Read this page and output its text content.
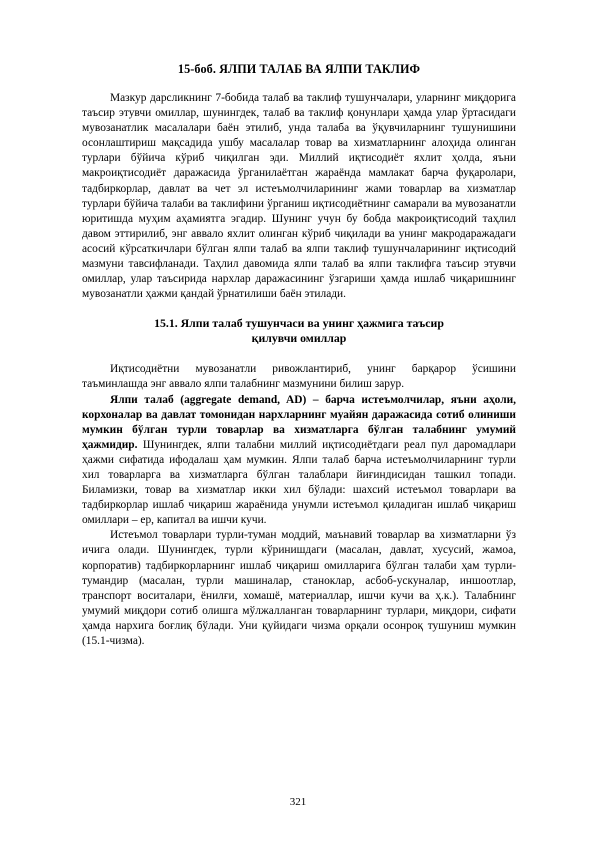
15-боб. ЯЛПИ ТАЛАБ ВА ЯЛПИ ТАКЛИФ

Мазкур дарсликнинг 7-бобида талаб ва таклиф тушунчалари, уларнинг миқдорига таъсир этувчи омиллар, шунингдек, талаб ва таклиф қонунлари ҳамда улар ўртасидаги мувозанатлик масалалари баён этилиб, унда талаба ва ўқувчиларнинг тушунишини осонлаштириш мақсадида ушбу масалалар товар ва хизматларнинг алоҳида олинган турлари бўйича кўриб чиқилган эди. Миллий иқтисодиёт яхлит ҳолда, яъни макроиқтисодиёт даражасида ўрганилаётган жараёнда мамлакат барча фуқаролари, тадбиркорлар, давлат ва чет эл истеъмолчиларининг жами товарлар ва хизматлар турлари бўйича талаби ва таклифини ўрганиш иқтисодиётнинг самарали ва мувозанатли юритишда муҳим аҳамиятга эгадир. Шунинг учун бу бобда макроиқтисодий таҳлил давом эттирилиб, энг аввало яхлит олинган кўриб чиқилади ва унинг макродаражадаги асосий кўрсаткичлари бўлган ялпи талаб ва ялпи таклиф тушунчаларининг иқтисодий мазмуни тавсифланади. Таҳлил давомида ялпи талаб ва ялпи таклифга таъсир этувчи омиллар, улар таъсирида нархлар даражасининг ўзгариши ҳамда ишлаб чиқаришнинг мувозанатли ҳажми қандай ўрнатилиши баён этилади.

15.1. Ялпи талаб тушунчаси ва унинг ҳажмига таъсир
қилувчи омиллар

Иқтисодиётни мувозанатли ривожлантириб, унинг барқарор ўсишини таъминлашда энг аввало ялпи талабнинг мазмунини билиш зарур.

Ялпи талаб (aggregate demand, AD) – барча истеъмолчилар, яъни аҳоли, корхоналар ва давлат томонидан нархларнинг муайян даражасида сотиб олиниши мумкин бўлган турли товарлар ва хизматларга бўлган талабнинг умумий ҳажмидир. Шунингдек, ялпи талабни миллий иқтисодиётдаги реал пул даромадлари ҳажми сифатида ифодалаш ҳам мумкин. Ялпи талаб барча истеъмолчиларнинг турли хил товарларга ва хизматларга бўлган талаблари йиғиндисидан ташкил топади. Биламизки, товар ва хизматлар икки хил бўлади: шахсий истеъмол товарлари ва тадбиркорлар ишлаб чиқариш жараёнида унумли истеъмол қиладиган ишлаб чиқариш омиллари – ер, капитал ва ишчи кучи.

Истеъмол товарлари турли-туман моддий, маънавий товарлар ва хизматларни ўз ичига олади. Шунингдек, турли кўринишдаги (масалан, давлат, хусусий, жамоа, корпоратив) тадбиркорларнинг ишлаб чиқариш омилларига бўлган талаби ҳам турли-тумандир (масалан, турли машиналар, станоклар, асбоб-ускуналар, иншоотлар, транспорт воситалари, ёнилғи, хомашё, материаллар, ишчи кучи ва ҳ.к.). Талабнинг умумий миқдори сотиб олишга мўлжалланган товарларнинг турлари, миқдори, сифати ҳамда нархига боғлиқ бўлади. Уни қуйидаги чизма орқали осонроқ тушуниш мумкин (15.1-чизма).

321
